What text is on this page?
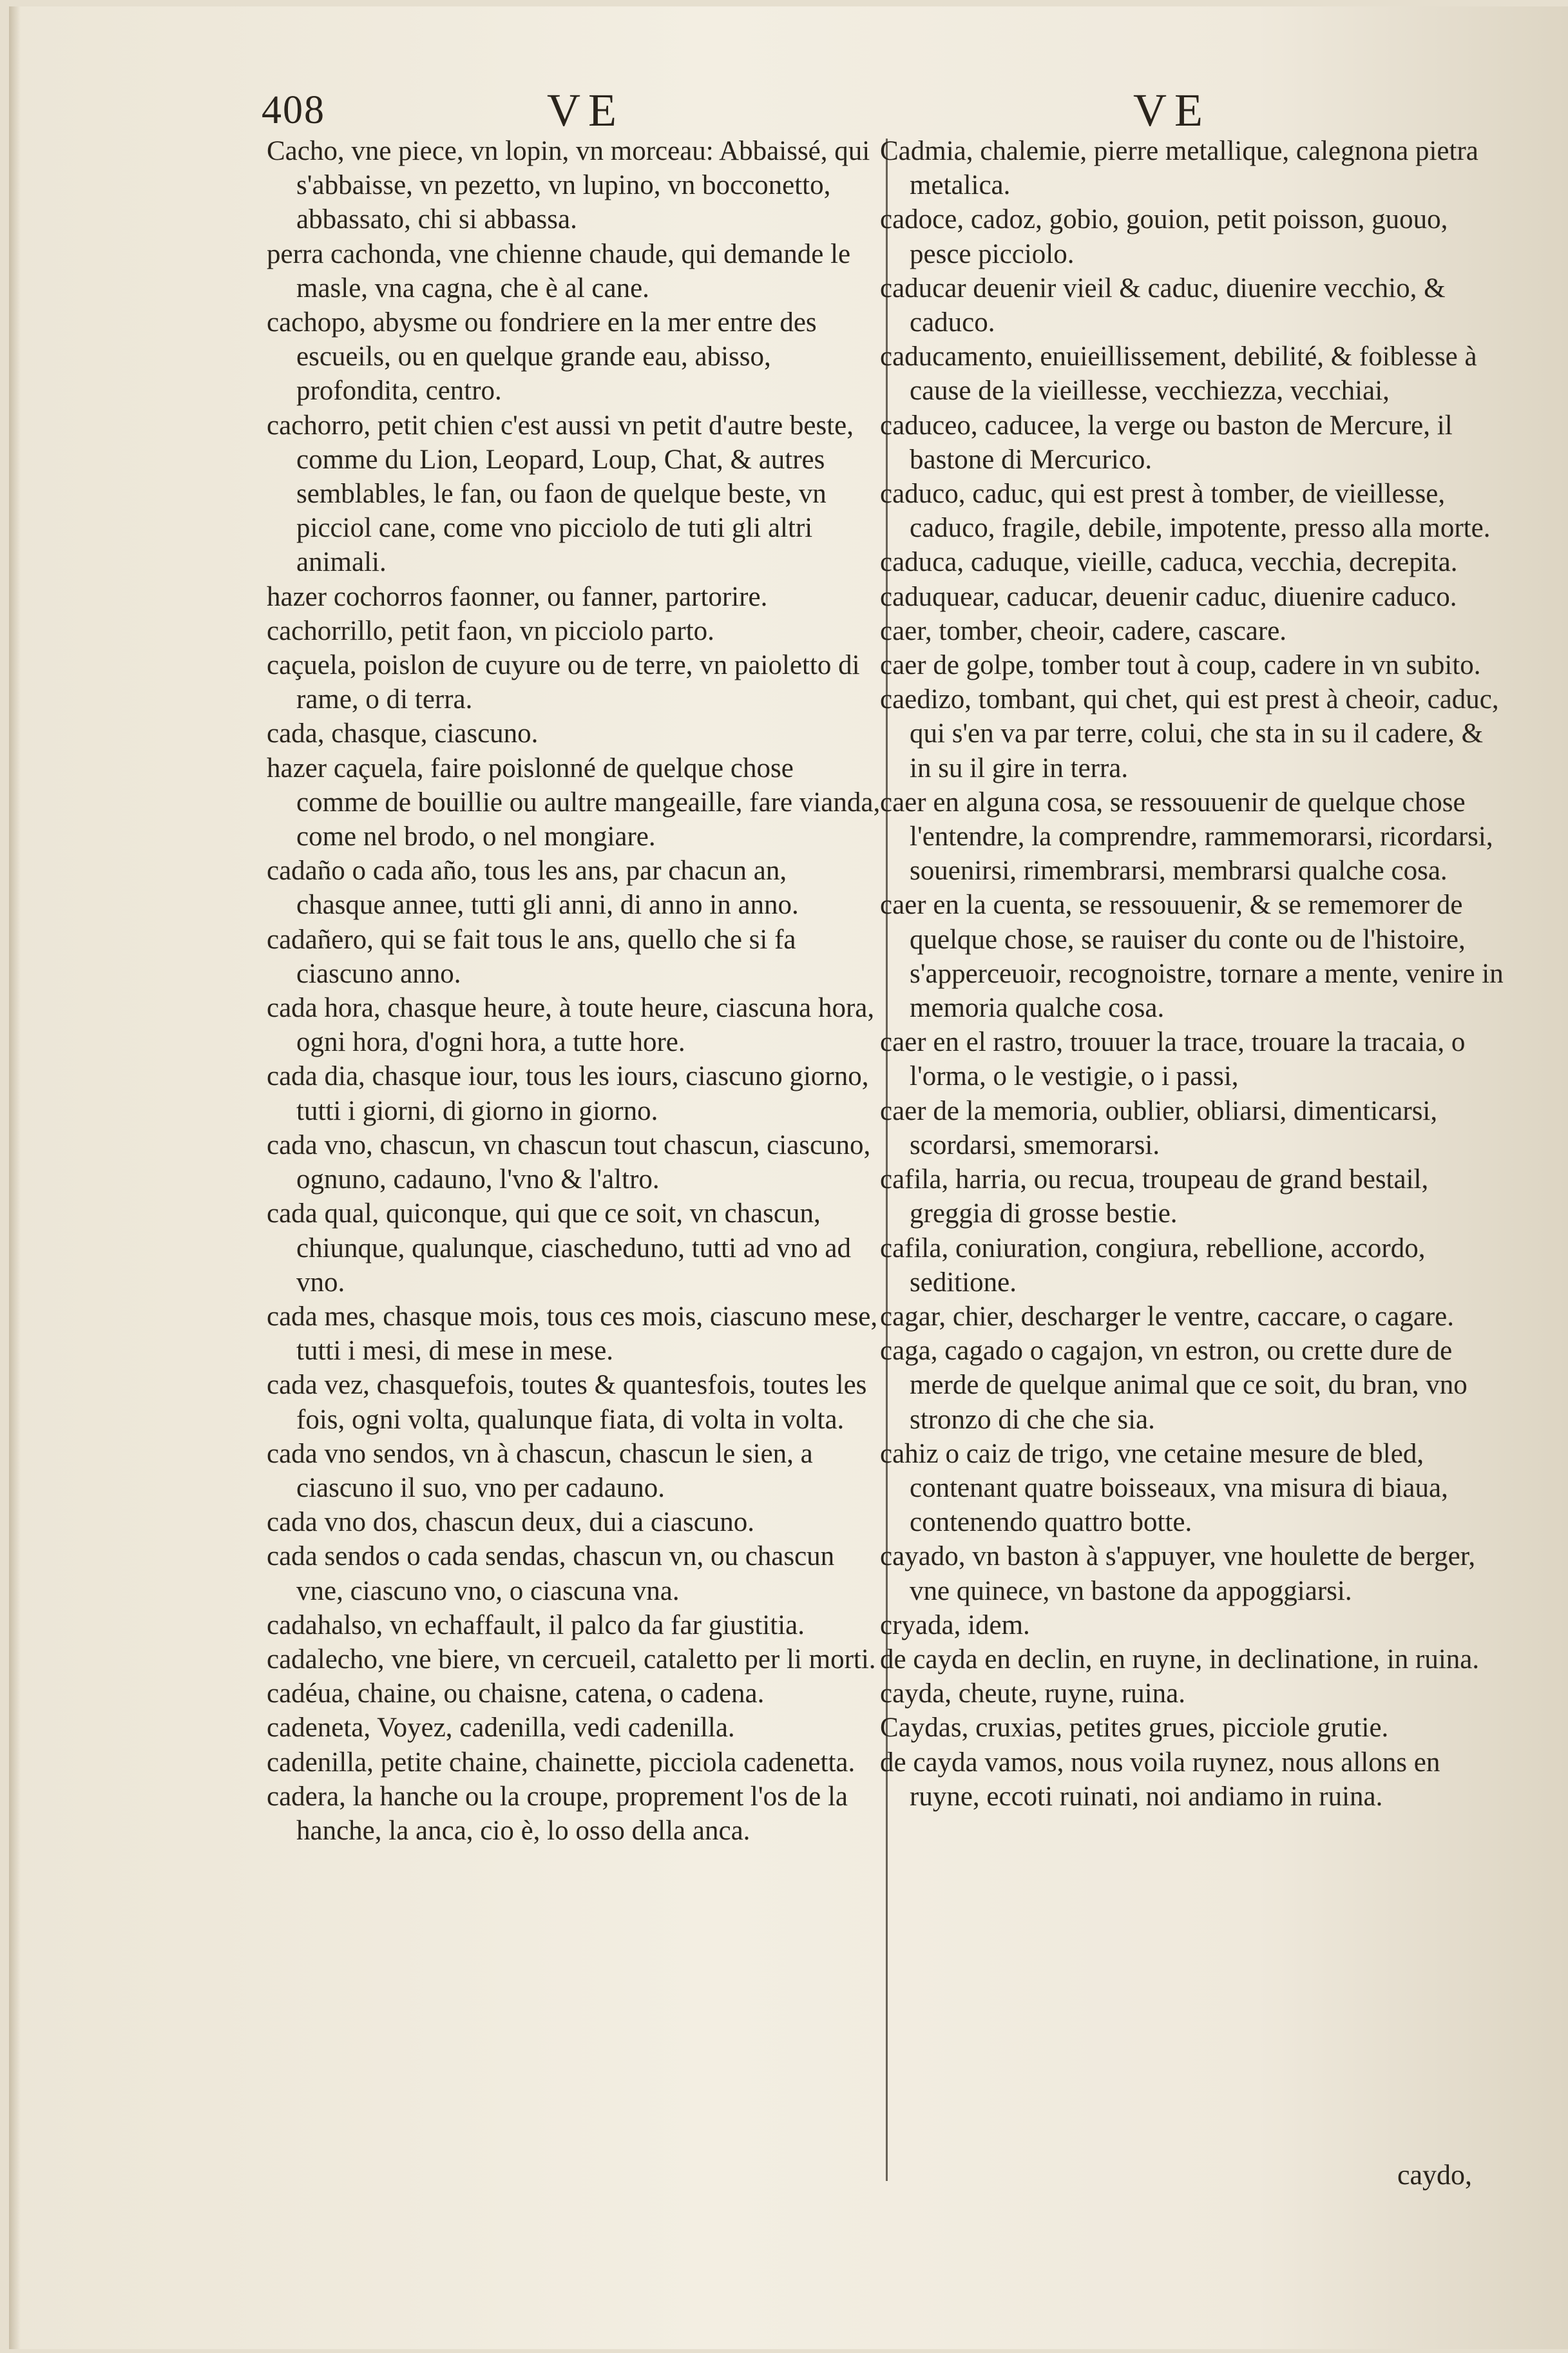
408	VE	VE

Cacho, vne piece, vn lopin, vn morceau: Abbaissé, qui s'abbaisse, vn pezetto, vn lupino, vn bocconetto, abbassato, chi si abbassa.

perra cachonda, vne chienne chaude, qui demande le masle, vna cagna, che è al cane.

cachopo, abysme ou fondriere en la mer entre des escueils, ou en quelque grande eau, abisso, profondita, centro.

cachorro, petit chien c'est aussi vn petit d'autre beste, comme du Lion, Leopard, Loup, Chat, & autres semblables, le fan, ou faon de quelque beste, vn picciol cane, come vno picciolo de tuti gli altri animali.

hazer cochorros faonner, ou fanner, partorire.

cachorrillo, petit faon, vn picciolo parto.

caçuela, poislon de cuyure ou de terre, vn paioletto di rame, o di terra.

cada, chasque, ciascuno.

hazer caçuela, faire poislonné de quelque chose comme de bouillie ou aultre mangeaille, fare vianda, come nel brodo, o nel mongiare.

cadaño o cada año, tous les ans, par chacun an, chasque annee, tutti gli anni, di anno in anno.

cadañero, qui se fait tous le ans, quello che si fa ciascuno anno.

cada hora, chasque heure, à toute heure, ciascuna hora, ogni hora, d'ogni hora, a tutte hore.

cada dia, chasque iour, tous les iours, ciascuno giorno, tutti i giorni, di giorno in giorno.

cada vno, chascun, vn chascun tout chascun, ciascuno, ognuno, cadauno, l'vno & l'altro.

cada qual, quiconque, qui que ce soit, vn chascun, chiunque, qualunque, ciascheduno, tutti ad vno ad vno.

cada mes, chasque mois, tous ces mois, ciascuno mese, tutti i mesi, di mese in mese.

cada vez, chasquefois, toutes & quantesfois, toutes les fois, ogni volta, qualunque fiata, di volta in volta.

cada vno sendos, vn à chascun, chascun le sien, a ciascuno il suo, vno per cadauno.

cada vno dos, chascun deux, dui a ciascuno.

cada sendos o cada sendas, chascun vn, ou chascun vne, ciascuno vno, o ciascuna vna.

cadahalso, vn echaffault, il palco da far giustitia.

cadalecho, vne biere, vn cercueil, cataletto per li morti.

cadéua, chaine, ou chaisne, catena, o cadena.

cadeneta, Voyez, cadenilla, vedi cadenilla.

cadenilla, petite chaine, chainette, picciola cadenetta.

cadera, la hanche ou la croupe, proprement l'os de la hanche, la anca, cio è, lo osso della anca.

Cadmia, chalemie, pierre metallique, calegnona pietra metalica.

cadoce, cadoz, gobio, gouion, petit poisson, guouo, pesce picciolo.

caducar deuenir vieil & caduc, diuenire vecchio, & caduco.

caducamento, enuieillissement, debilité, & foiblesse à cause de la vieillesse, vecchiezza, vecchiai,

caduceo, caducee, la verge ou baston de Mercure, il bastone di Mercurico.

caduco, caduc, qui est prest à tomber, de vieillesse, caduco, fragile, debile, impotente, presso alla morte.

caduca, caduque, vieille, caduca, vecchia, decrepita.

caduquear, caducar, deuenir caduc, diuenire caduco.

caer, tomber, cheoir, cadere, cascare.

caer de golpe, tomber tout à coup, cadere in vn subito.

caedizo, tombant, qui chet, qui est prest à cheoir, caduc, qui s'en va par terre, colui, che sta in su il cadere, & in su il gire in terra.

caer en alguna cosa, se ressouuenir de quelque chose l'entendre, la comprendre, rammemorarsi, ricordarsi, souenirsi, rimembrarsi, membrarsi qualche cosa.

caer en la cuenta, se ressouuenir, & se rememorer de quelque chose, se rauiser du conte ou de l'histoire, s'apperceuoir, recognoistre, tornare a mente, venire in memoria qualche cosa.

caer en el rastro, trouuer la trace, trouare la tracaia, o l'orma, o le vestigie, o i passi,

caer de la memoria, oublier, obliarsi, dimenticarsi, scordarsi, smemorarsi.

cafila, harria, ou recua, troupeau de grand bestail, greggia di grosse bestie.

cafila, coniuration, congiura, rebellione, accordo, seditione.

cagar, chier, descharger le ventre, caccare, o cagare.

caga, cagado o cagajon, vn estron, ou crette dure de merde de quelque animal que ce soit, du bran, vno stronzo di che che sia.

cahiz o caiz de trigo, vne cetaine mesure de bled, contenant quatre boisseaux, vna misura di biaua, contenendo quattro botte.

cayado, vn baston à s'appuyer, vne houlette de berger, vne quinece, vn bastone da appoggiarsi.

cryada, idem.

de cayda en declin, en ruyne, in declinatione, in ruina.

cayda, cheute, ruyne, ruina.

Caydas, cruxias, petites grues, picciole grutie.

de cayda vamos, nous voila ruynez, nous allons en ruyne, eccoti ruinati, noi andiamo in ruina.

caydo,
